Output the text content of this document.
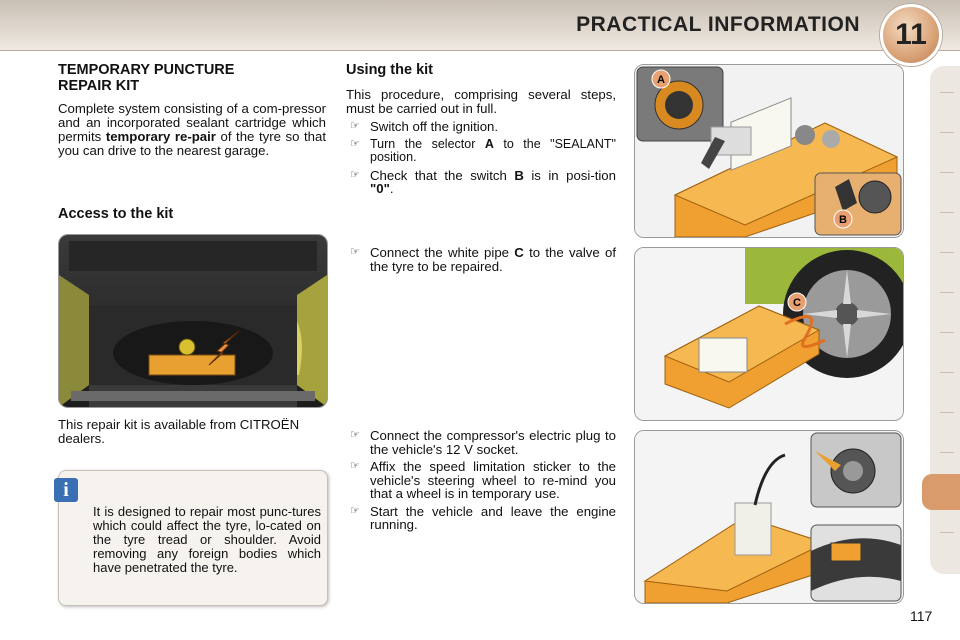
PRACTICAL INFORMATION	11
TEMPORARY PUNCTURE REPAIR KIT

Complete system consisting of a com-pressor and an incorporated sealant cartridge which permits temporary re-pair of the tyre so that you can drive to the nearest garage.

Access to the kit

This repair kit is available from CITROËN dealers.

It is designed to repair most punc-tures which could affect the tyre, lo-cated on the tyre tread or shoulder. Avoid removing any foreign bodies which have penetrated the tyre.

i
Using the kit

This procedure, comprising several steps, must be carried out in full.

☞ Switch off the ignition.
☞ Turn the selector A to the "SEALANT" position.
☞ Check that the switch B is in posi-tion "0".
☞ Connect the white pipe C to the valve of the tyre to be repaired.
☞ Connect the compressor's electric plug to the vehicle's 12 V socket.
☞ Affix the speed limitation sticker to the vehicle's steering wheel to re-mind you that a wheel is in temporary use.
☞ Start the vehicle and leave the engine running.
A
B
C
117
